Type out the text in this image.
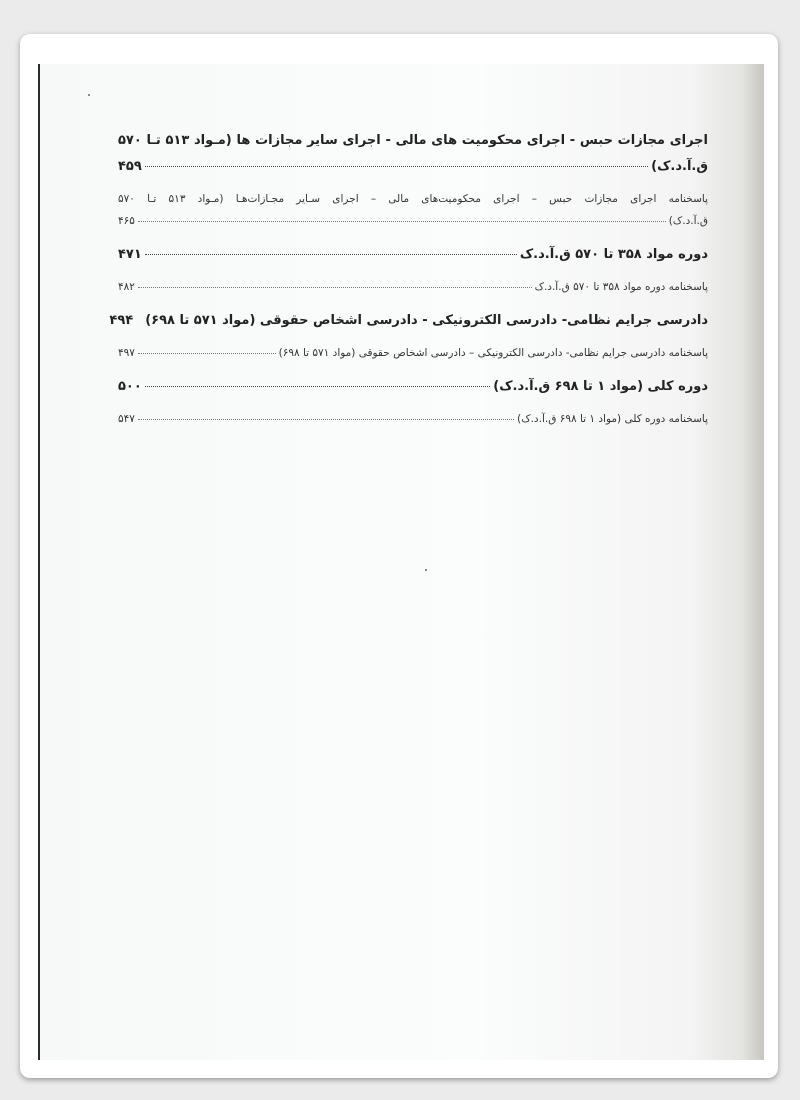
اجرای مجازات حبس - اجرای محکومیت های مالی - اجرای سایر مجازات ها (مـواد ۵۱۳ تـا ۵۷۰
ق.آ.د.ک)
۴۵۹
پاسخنامه اجرای مجازات حبس – اجرای محکومیت‌های مالی – اجرای سـایر مجـازات‌هـا (مـواد ۵۱۳ تـا ۵۷۰
ق.آ.د.ک)
۴۶۵
دوره مواد ۳۵۸ تا ۵۷۰ ق.آ.د.ک
۴۷۱
پاسخنامه دوره مواد ۳۵۸ تا ۵۷۰ ق.آ.د.ک
۴۸۲
دادرسی جرایم نظامی- دادرسی الکترونیکی - دادرسی اشخاص حقوقی (مواد ۵۷۱ تا ۶۹۸)
۴۹۴
پاسخنامه دادرسی جرایم نظامی- دادرسی الکترونیکی – دادرسی اشخاص حقوقی (مواد ۵۷۱ تا ۶۹۸)
۴۹۷
دوره کلی (مواد ۱ تا ۶۹۸ ق.آ.د.ک)
۵۰۰
پاسخنامه دوره کلی (مواد ۱ تا ۶۹۸ ق.آ.د.ک)
۵۴۷
